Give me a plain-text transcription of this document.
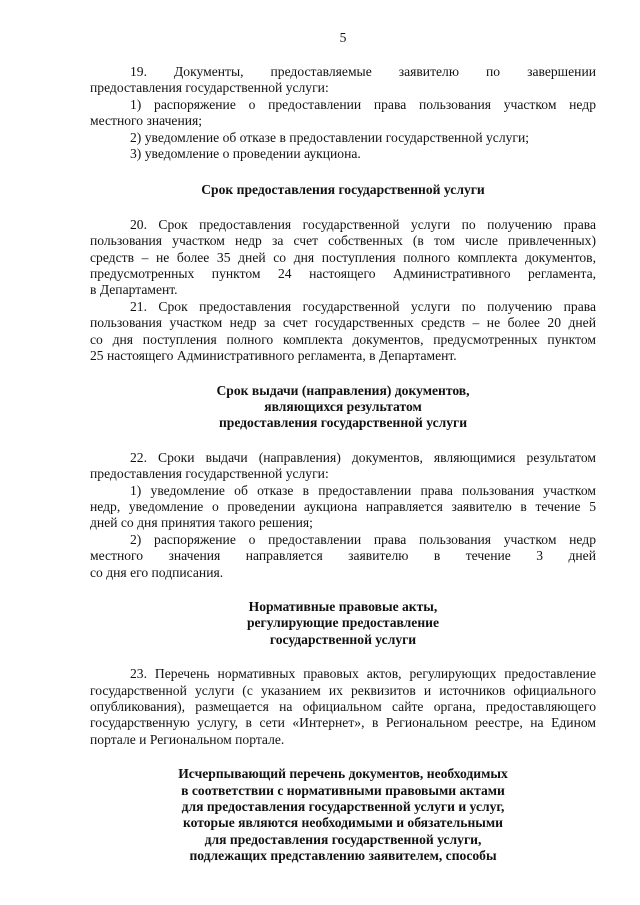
5
19. Документы, предоставляемые заявителю по завершении
предоставления государственной услуги:
1) распоряжение о предоставлении права пользования участком недр
местного значения;
2) уведомление об отказе в предоставлении государственной услуги;
3) уведомление о проведении аукциона.
Срок предоставления государственной услуги
20. Срок предоставления государственной услуги по получению права
пользования участком недр за счет собственных (в том числе привлеченных)
средств – не более 35 дней со дня поступления полного комплекта документов,
предусмотренных пунктом 24 настоящего Административного регламента,
в Департамент.
21. Срок предоставления государственной услуги по получению права
пользования участком недр за счет государственных средств – не более 20 дней
со дня поступления полного комплекта документов, предусмотренных пунктом
25 настоящего Административного регламента, в Департамент.
Срок выдачи (направления) документов,
являющихся результатом
предоставления государственной услуги
22. Сроки выдачи (направления) документов, являющимися результатом
предоставления государственной услуги:
1) уведомление об отказе в предоставлении права пользования участком
недр, уведомление о проведении аукциона направляется заявителю в течение 5
дней со дня принятия такого решения;
2) распоряжение о предоставлении права пользования участком недр
местного значения направляется заявителю в течение 3 дней
со дня его подписания.
Нормативные правовые акты,
регулирующие предоставление
государственной услуги
23. Перечень нормативных правовых актов, регулирующих предоставление
государственной услуги (с указанием их реквизитов и источников официального
опубликования), размещается на официальном сайте органа, предоставляющего
государственную услугу, в сети «Интернет», в Региональном реестре, на Едином
портале и Региональном портале.
Исчерпывающий перечень документов, необходимых
в соответствии с нормативными правовыми актами
для предоставления государственной услуги и услуг,
которые являются необходимыми и обязательными
для предоставления государственной услуги,
подлежащих представлению заявителем, способы
